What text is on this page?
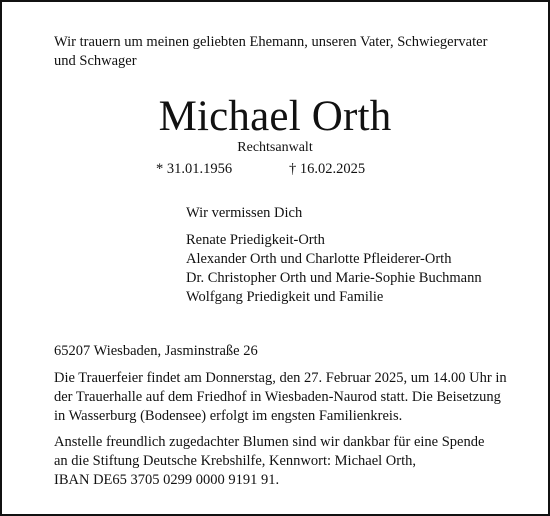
Wir trauern um meinen geliebten Ehemann, unseren Vater, Schwiegervater
und Schwager
Michael Orth
Rechtsanwalt
* 31.01.1956	† 16.02.2025
Wir vermissen Dich
Renate Priedigkeit-Orth
Alexander Orth und Charlotte Pfleiderer-Orth
Dr. Christopher Orth und Marie-Sophie Buchmann
Wolfgang Priedigkeit und Familie
65207 Wiesbaden, Jasminstraße 26
Die Trauerfeier findet am Donnerstag, den 27. Februar 2025, um 14.00 Uhr in
der Trauerhalle auf dem Friedhof in Wiesbaden-Naurod statt. Die Beisetzung
in Wasserburg (Bodensee) erfolgt im engsten Familienkreis.
Anstelle freundlich zugedachter Blumen sind wir dankbar für eine Spende
an die Stiftung Deutsche Krebshilfe, Kennwort: Michael Orth,
IBAN DE65 3705 0299 0000 9191 91.
